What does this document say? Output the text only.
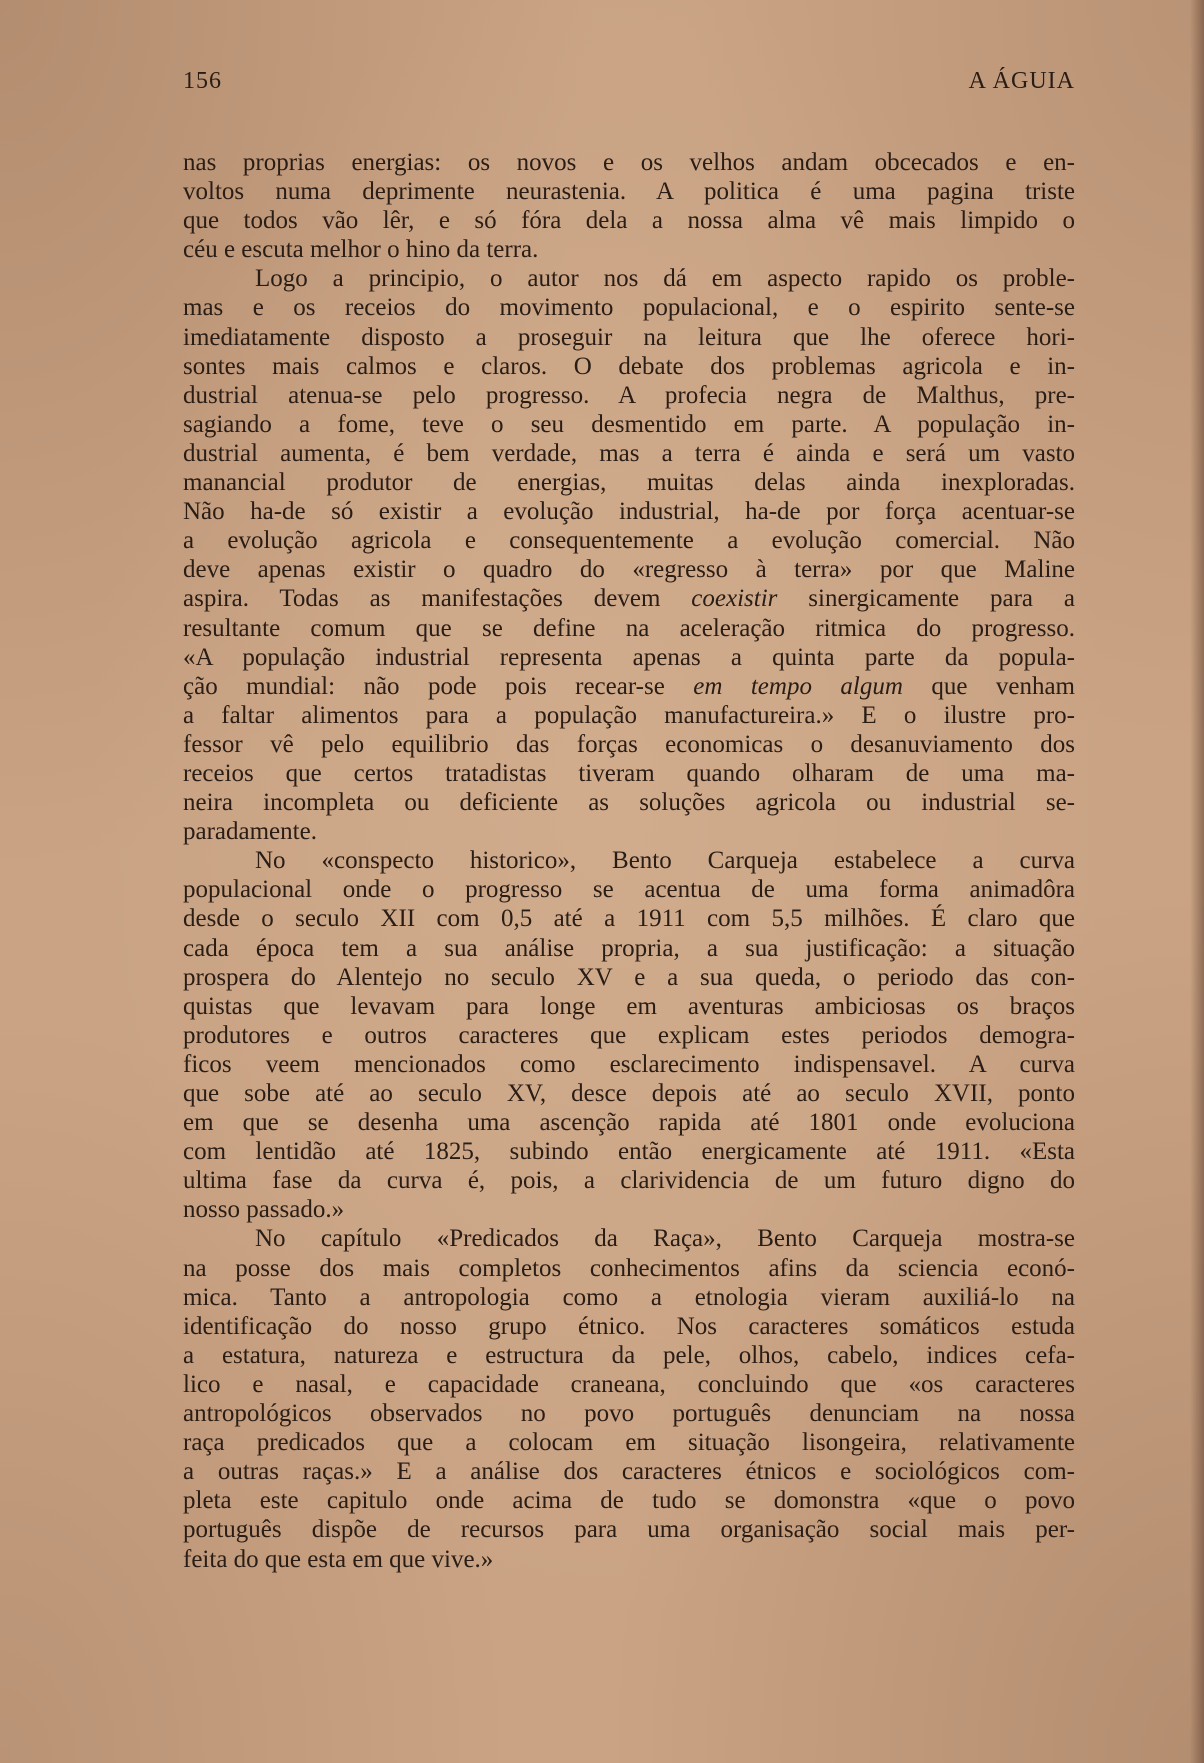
156	A ÁGUIA
nas proprias energias: os novos e os velhos andam obcecados e en-
voltos numa deprimente neurastenia. A politica é uma pagina triste
que todos vão lêr, e só fóra dela a nossa alma vê mais limpido o
céu e escuta melhor o hino da terra.
Logo a principio, o autor nos dá em aspecto rapido os proble-
mas e os receios do movimento populacional, e o espirito sente-se
imediatamente disposto a proseguir na leitura que lhe oferece hori-
sontes mais calmos e claros. O debate dos problemas agricola e in-
dustrial atenua-se pelo progresso. A profecia negra de Malthus, pre-
sagiando a fome, teve o seu desmentido em parte. A população in-
dustrial aumenta, é bem verdade, mas a terra é ainda e será um vasto
manancial produtor de energias, muitas delas ainda inexploradas.
Não ha-de só existir a evolução industrial, ha-de por força acentuar-se
a evolução agricola e consequentemente a evolução comercial. Não
deve apenas existir o quadro do «regresso à terra» por que Maline
aspira. Todas as manifestações devem coexistir sinergicamente para a
resultante comum que se define na aceleração ritmica do progresso.
«A população industrial representa apenas a quinta parte da popula-
ção mundial: não pode pois recear-se em tempo algum que venham
a faltar alimentos para a população manufactureira.» E o ilustre pro-
fessor vê pelo equilibrio das forças economicas o desanuviamento dos
receios que certos tratadistas tiveram quando olharam de uma ma-
neira incompleta ou deficiente as soluções agricola ou industrial se-
paradamente.
No «conspecto historico», Bento Carqueja estabelece a curva
populacional onde o progresso se acentua de uma forma animadôra
desde o seculo XII com 0,5 até a 1911 com 5,5 milhões. É claro que
cada época tem a sua análise propria, a sua justificação: a situação
prospera do Alentejo no seculo XV e a sua queda, o periodo das con-
quistas que levavam para longe em aventuras ambiciosas os braços
produtores e outros caracteres que explicam estes periodos demogra-
ficos veem mencionados como esclarecimento indispensavel. A curva
que sobe até ao seculo XV, desce depois até ao seculo XVII, ponto
em que se desenha uma ascenção rapida até 1801 onde evoluciona
com lentidão até 1825, subindo então energicamente até 1911. «Esta
ultima fase da curva é, pois, a clarividencia de um futuro digno do
nosso passado.»
No capítulo «Predicados da Raça», Bento Carqueja mostra-se
na posse dos mais completos conhecimentos afins da sciencia econó-
mica. Tanto a antropologia como a etnologia vieram auxiliá-lo na
identificação do nosso grupo étnico. Nos caracteres somáticos estuda
a estatura, natureza e estructura da pele, olhos, cabelo, indices cefa-
lico e nasal, e capacidade craneana, concluindo que «os caracteres
antropológicos observados no povo português denunciam na nossa
raça predicados que a colocam em situação lisongeira, relativamente
a outras raças.» E a análise dos caracteres étnicos e sociológicos com-
pleta este capitulo onde acima de tudo se domonstra «que o povo
português dispõe de recursos para uma organisação social mais per-
feita do que esta em que vive.»
